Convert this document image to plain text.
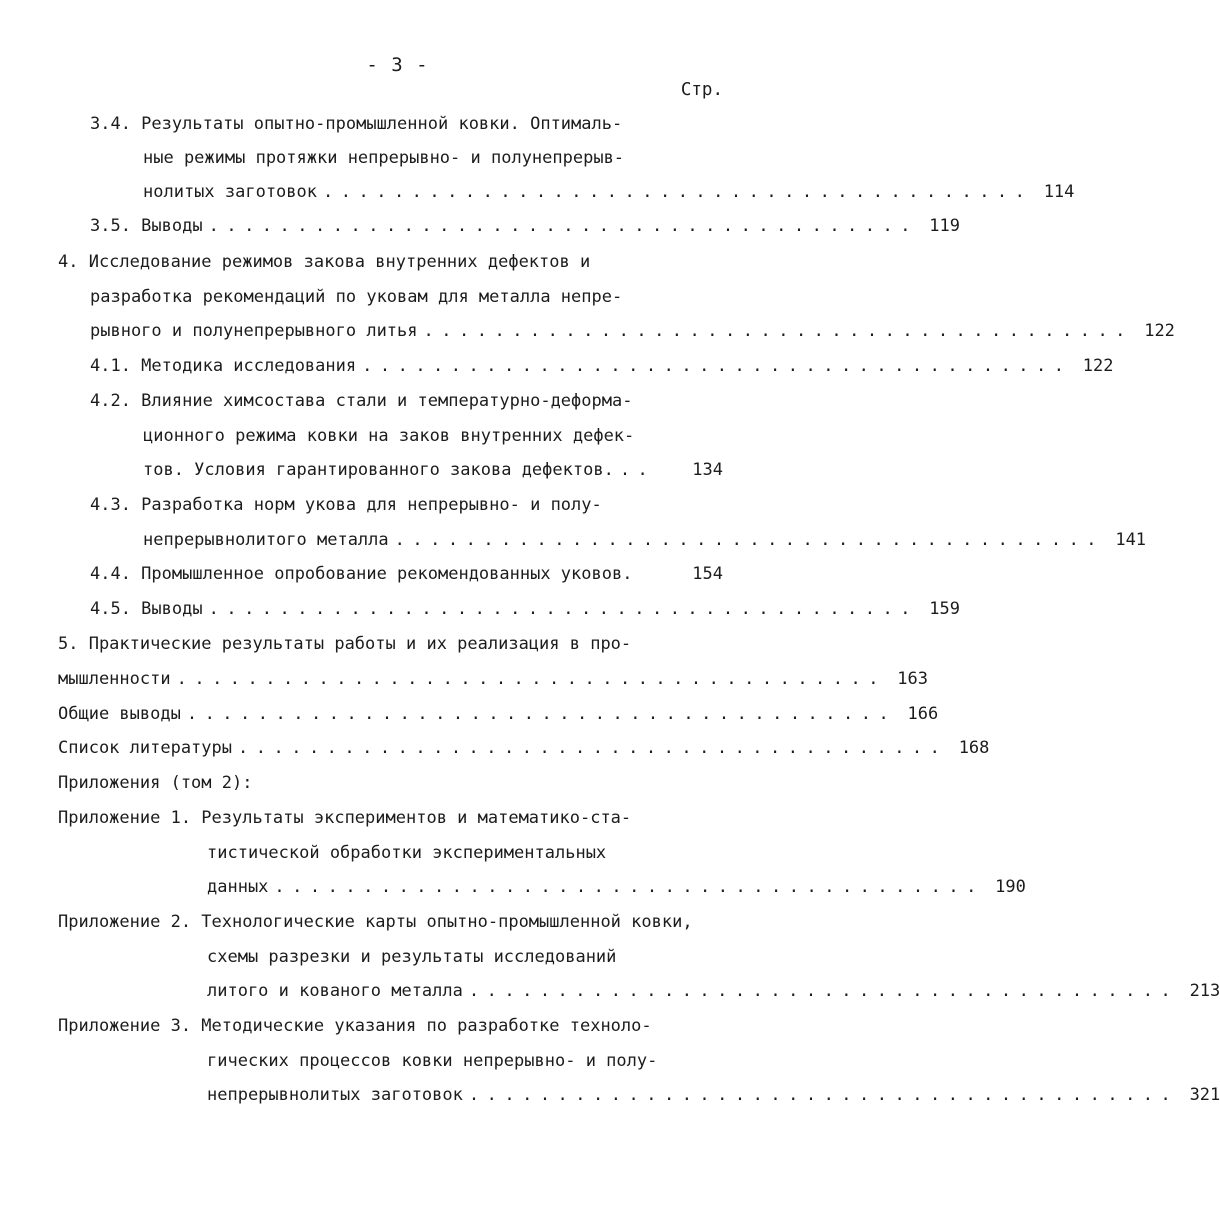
- 3 -
Стр.
3.4. Результаты опытно-промышленной ковки. Оптималь-
ные режимы протяжки непрерывно- и полунепрерыв-
нолитых заготовок ........................................ 114
3.5. Выводы ........................................ 119
4. Исследование режимов закова внутренних дефектов и
разработка рекомендаций по уковам для металла непре-
рывного и полунепрерывного литья ........................................ 122
4.1. Методика исследования ........................................ 122
4.2. Влияние химсостава стали и температурно-деформа-
ционного режима ковки на заков внутренних дефек-
тов. Условия гарантированного закова дефектов. ..	134
4.3. Разработка норм укова для непрерывно- и полу-
непрерывнолитого металла ........................................ 141
4.4. Промышленное опробование рекомендованных уковов.	154
4.5. Выводы ........................................ 159
5. Практические результаты работы и их реализация в про-
мышленности ........................................ 163
Общие выводы ........................................ 166
Список литературы ........................................ 168
Приложения (том 2):
Приложение 1. Результаты экспериментов и математико-ста-
тистической обработки экспериментальных
данных ........................................ 190
Приложение 2. Технологические карты опытно-промышленной ковки,
схемы разрезки и результаты исследований
литого и кованого металла ........................................ 213
Приложение 3. Методические указания по разработке техноло-
гических процессов ковки непрерывно- и полу-
непрерывнолитых заготовок ........................................ 321
